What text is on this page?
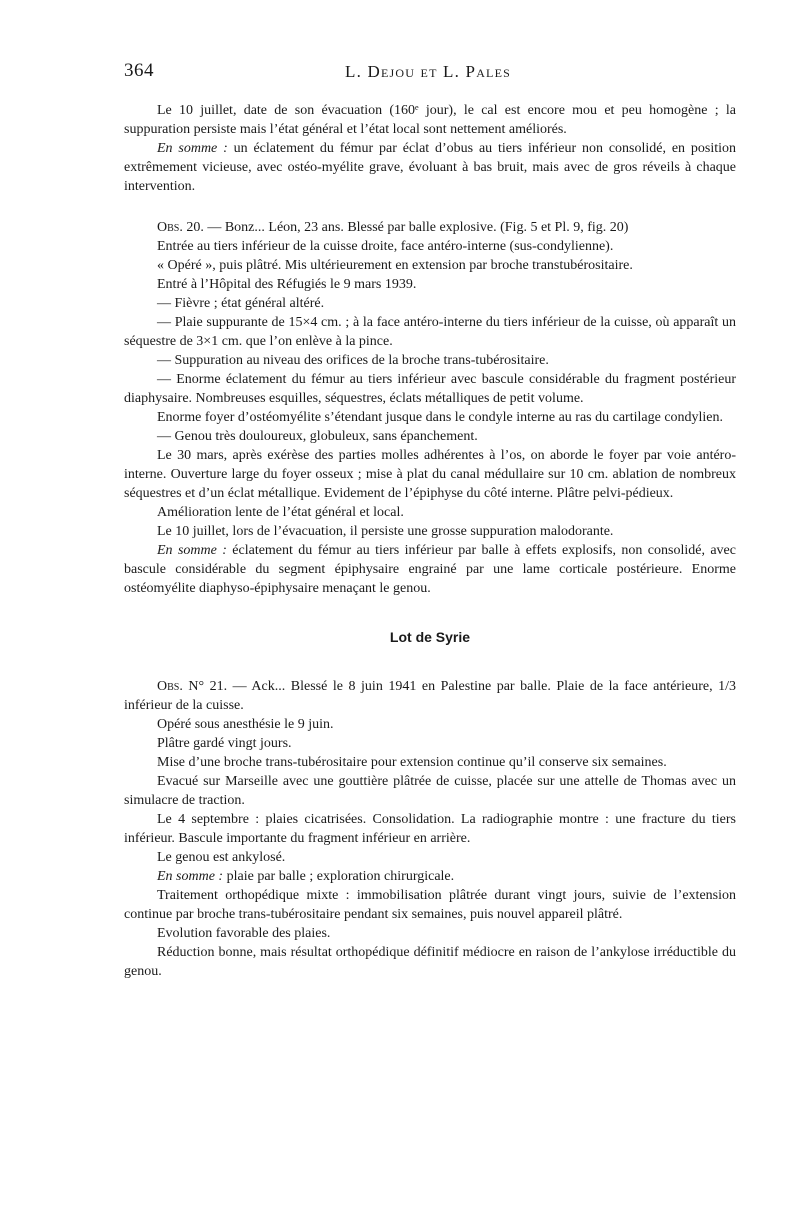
364	L. Dejou et L. Pales

Le 10 juillet, date de son évacuation (160ᵉ jour), le cal est encore mou et peu homogène ; la suppuration persiste mais l’état général et l’état local sont nettement améliorés.

En somme : un éclatement du fémur par éclat d’obus au tiers inférieur non consolidé, en position extrêmement vicieuse, avec ostéo-myélite grave, évoluant à bas bruit, mais avec de gros réveils à chaque intervention.

Obs. 20. — Bonz... Léon, 23 ans. Blessé par balle explosive. (Fig. 5 et Pl. 9, fig. 20)

Entrée au tiers inférieur de la cuisse droite, face antéro-interne (sus-condylienne).

« Opéré », puis plâtré. Mis ultérieurement en extension par broche transtubérositaire.

Entré à l’Hôpital des Réfugiés le 9 mars 1939.

— Fièvre ; état général altéré.

— Plaie suppurante de 15×4 cm. ; à la face antéro-interne du tiers inférieur de la cuisse, où apparaît un séquestre de 3×1 cm. que l’on enlève à la pince.

— Suppuration au niveau des orifices de la broche trans-tubérositaire.

— Enorme éclatement du fémur au tiers inférieur avec bascule considérable du fragment postérieur diaphysaire. Nombreuses esquilles, séquestres, éclats métalliques de petit volume.

Enorme foyer d’ostéomyélite s’étendant jusque dans le condyle interne au ras du cartilage condylien.

— Genou très douloureux, globuleux, sans épanchement.

Le 30 mars, après exérèse des parties molles adhérentes à l’os, on aborde le foyer par voie antéro-interne. Ouverture large du foyer osseux ; mise à plat du canal médullaire sur 10 cm. ablation de nombreux séquestres et d’un éclat métallique. Evidement de l’épiphyse du côté interne. Plâtre pelvi-pédieux.

Amélioration lente de l’état général et local.

Le 10 juillet, lors de l’évacuation, il persiste une grosse suppuration malodorante.

En somme : éclatement du fémur au tiers inférieur par balle à effets explosifs, non consolidé, avec bascule considérable du segment épiphysaire engrainé par une lame corticale postérieure. Enorme ostéomyélite diaphyso-épiphysaire menaçant le genou.

Lot de Syrie

Obs. N° 21. — Ack... Blessé le 8 juin 1941 en Palestine par balle. Plaie de la face antérieure, 1/3 inférieur de la cuisse.

Opéré sous anesthésie le 9 juin.

Plâtre gardé vingt jours.

Mise d’une broche trans-tubérositaire pour extension continue qu’il conserve six semaines.

Evacué sur Marseille avec une gouttière plâtrée de cuisse, placée sur une attelle de Thomas avec un simulacre de traction.

Le 4 septembre : plaies cicatrisées. Consolidation. La radiographie montre : une fracture du tiers inférieur. Bascule importante du fragment inférieur en arrière.

Le genou est ankylosé.

En somme : plaie par balle ; exploration chirurgicale.

Traitement orthopédique mixte : immobilisation plâtrée durant vingt jours, suivie de l’extension continue par broche trans-tubérositaire pendant six semaines, puis nouvel appareil plâtré.

Evolution favorable des plaies.

Réduction bonne, mais résultat orthopédique définitif médiocre en raison de l’ankylose irréductible du genou.
